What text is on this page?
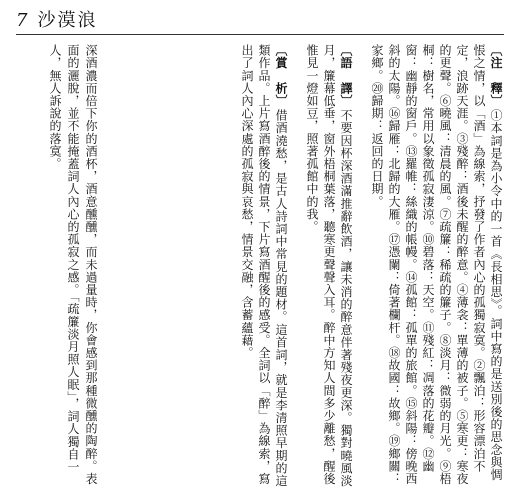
7 沙漠浪

〔注　釋〕①本詞是為小令中的一首《長相思》。詞中寫的是送別後的思念與惆悵之情，以「酒」為線索，抒發了作者內心的孤獨寂寞。②飄泊：形容漂泊不定，浪跡天涯。③殘醉：酒後未醒的醉意。④薄衾：單薄的被子。⑤寒更：寒夜的更聲。⑥曉風：清晨的風。⑦疏簾：稀疏的簾子。⑧淡月：微弱的月光。⑨梧桐：樹名，常用以象徵孤寂淒涼。⑩碧落：天空。⑪殘紅：凋落的花瓣。⑫幽窗：幽靜的窗戶。⑬羅帷：絲織的帳幔。⑭孤館：孤單的旅館。⑮斜陽：傍晚西斜的太陽。⑯歸雁：北歸的大雁。⑰憑闌：倚著欄杆。⑱故國：故鄉。⑲鄉關：家鄉。⑳歸期：返回的日期。

〔語　譯〕不要因杯深酒滿推辭飲酒，讓未消的醉意伴著殘夜更深。獨對曉風淡月，簾幕低垂，窗外梧桐葉落，聽寒更聲聲入耳。醉中方知人間多少離愁，醒後惟見一燈如豆，照著孤館中的我。

〔賞　析〕借酒澆愁，是古人詩詞中常見的題材。這首詞，就是李清照早期的這類作品。上片寫酒醉後的情景，下片寫酒醒後的感受。全詞以「醉」為線索，寫出了詞人內心深處的孤寂與哀愁，情景交融，含蓄蘊藉。

深酒濃而倍下你的酒杯，酒意醺醺，而未過量時，你會感到那種微醺的陶醉。表面的灑脫，並不能掩蓋詞人內心的孤寂之感。「疏簾淡月照人眠」，詞人獨自一人，無人訴說的落寞。
